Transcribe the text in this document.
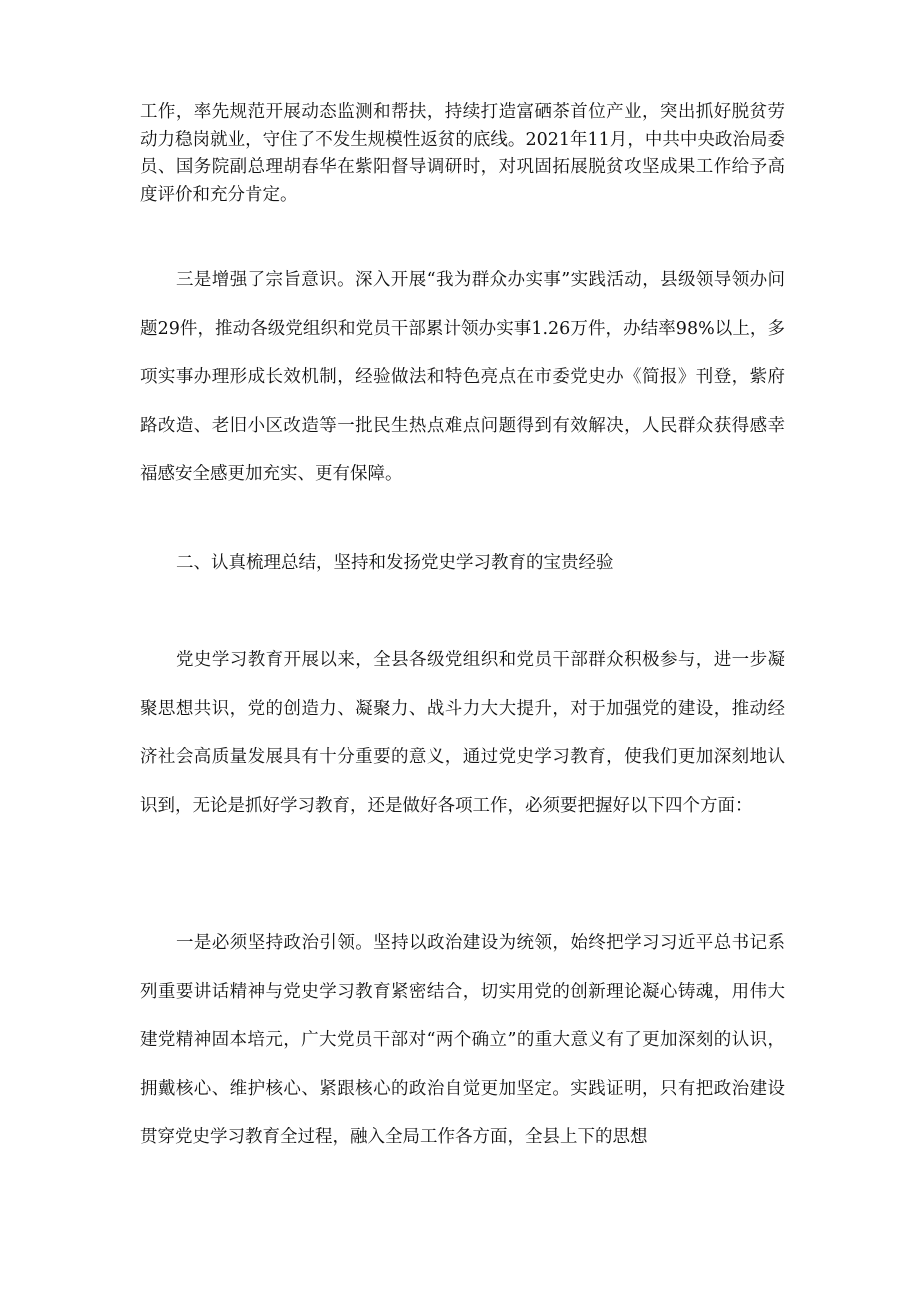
工作，率先规范开展动态监测和帮扶，持续打造富硒茶首位产业，突出抓好脱贫劳动力稳岗就业，守住了不发生规模性返贫的底线。2021年11月，中共中央政治局委员、国务院副总理胡春华在紫阳督导调研时，对巩固拓展脱贫攻坚成果工作给予高度评价和充分肯定。

三是增强了宗旨意识。深入开展“我为群众办实事”实践活动，县级领导领办问题29件，推动各级党组织和党员干部累计领办实事1.26万件，办结率98%以上，多项实事办理形成长效机制，经验做法和特色亮点在市委党史办《简报》刊登，紫府路改造、老旧小区改造等一批民生热点难点问题得到有效解决，人民群众获得感幸福感安全感更加充实、更有保障。

二、认真梳理总结，坚持和发扬党史学习教育的宝贵经验

党史学习教育开展以来，全县各级党组织和党员干部群众积极参与，进一步凝聚思想共识，党的创造力、凝聚力、战斗力大大提升，对于加强党的建设，推动经济社会高质量发展具有十分重要的意义，通过党史学习教育，使我们更加深刻地认识到，无论是抓好学习教育，还是做好各项工作，必须要把握好以下四个方面：

一是必须坚持政治引领。坚持以政治建设为统领，始终把学习习近平总书记系列重要讲话精神与党史学习教育紧密结合，切实用党的创新理论凝心铸魂，用伟大建党精神固本培元，广大党员干部对“两个确立”的重大意义有了更加深刻的认识，拥戴核心、维护核心、紧跟核心的政治自觉更加坚定。实践证明，只有把政治建设贯穿党史学习教育全过程，融入全局工作各方面，全县上下的思想
